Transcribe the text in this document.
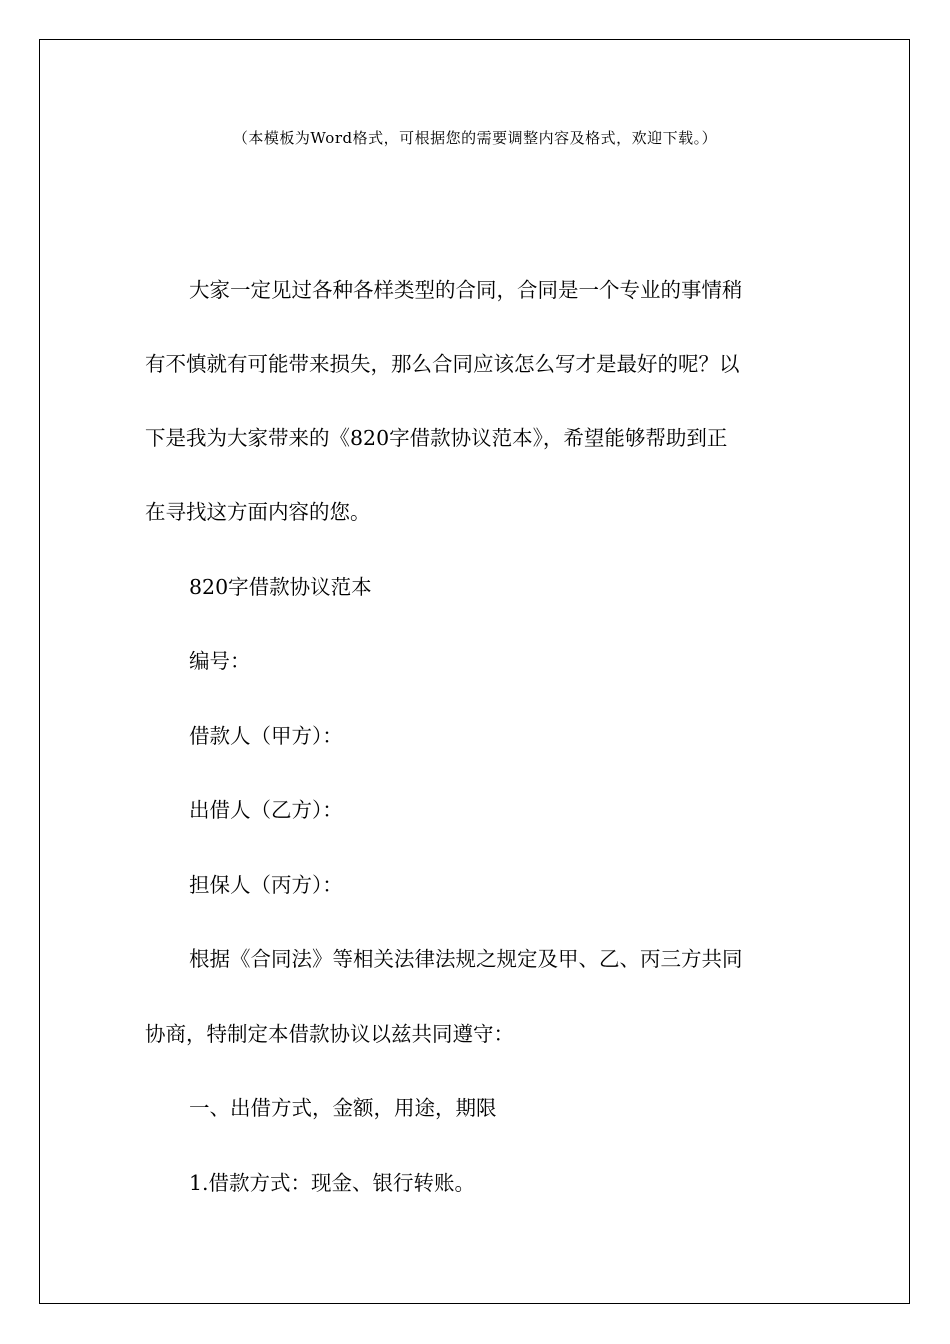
（本模板为Word格式，可根据您的需要调整内容及格式，欢迎下载。）
大家一定见过各种各样类型的合同，合同是一个专业的事情稍
有不慎就有可能带来损失，那么合同应该怎么写才是最好的呢？以
下是我为大家带来的《820字借款协议范本》，希望能够帮助到正
在寻找这方面内容的您。
820字借款协议范本
编号：
借款人（甲方）：
出借人（乙方）：
担保人（丙方）：
根据《合同法》等相关法律法规之规定及甲、乙、丙三方共同
协商，特制定本借款协议以兹共同遵守：
一、出借方式，金额，用途，期限
1.借款方式：现金、银行转账。
